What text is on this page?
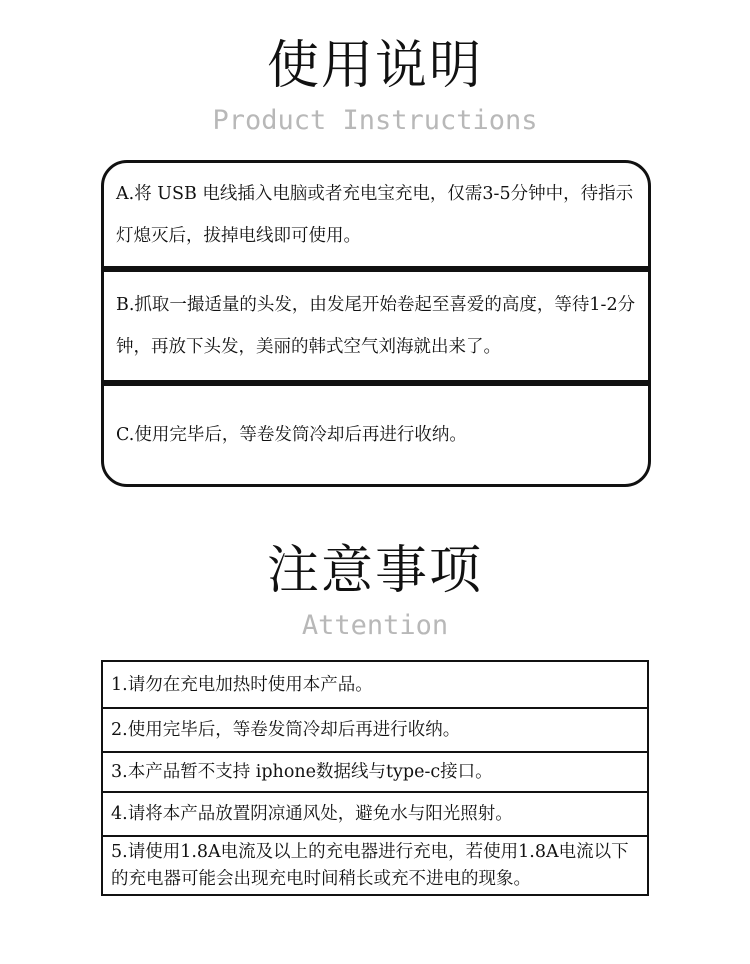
使用说明

Product Instructions

A.将 USB 电线插入电脑或者充电宝充电，仅需3-5分钟中，待指示灯熄灭后，拔掉电线即可使用。
B.抓取一撮适量的头发，由发尾开始卷起至喜爱的高度，等待1-2分钟，再放下头发，美丽的韩式空气刘海就出来了。
C.使用完毕后，等卷发筒冷却后再进行收纳。
注意事项

Attention

1.请勿在充电加热时使用本产品。
2.使用完毕后，等卷发筒冷却后再进行收纳。
3.本产品暂不支持 iphone数据线与type-c接口。
4.请将本产品放置阴凉通风处，避免水与阳光照射。
5.请使用1.8A电流及以上的充电器进行充电，若使用1.8A电流以下的充电器可能会出现充电时间稍长或充不进电的现象。
